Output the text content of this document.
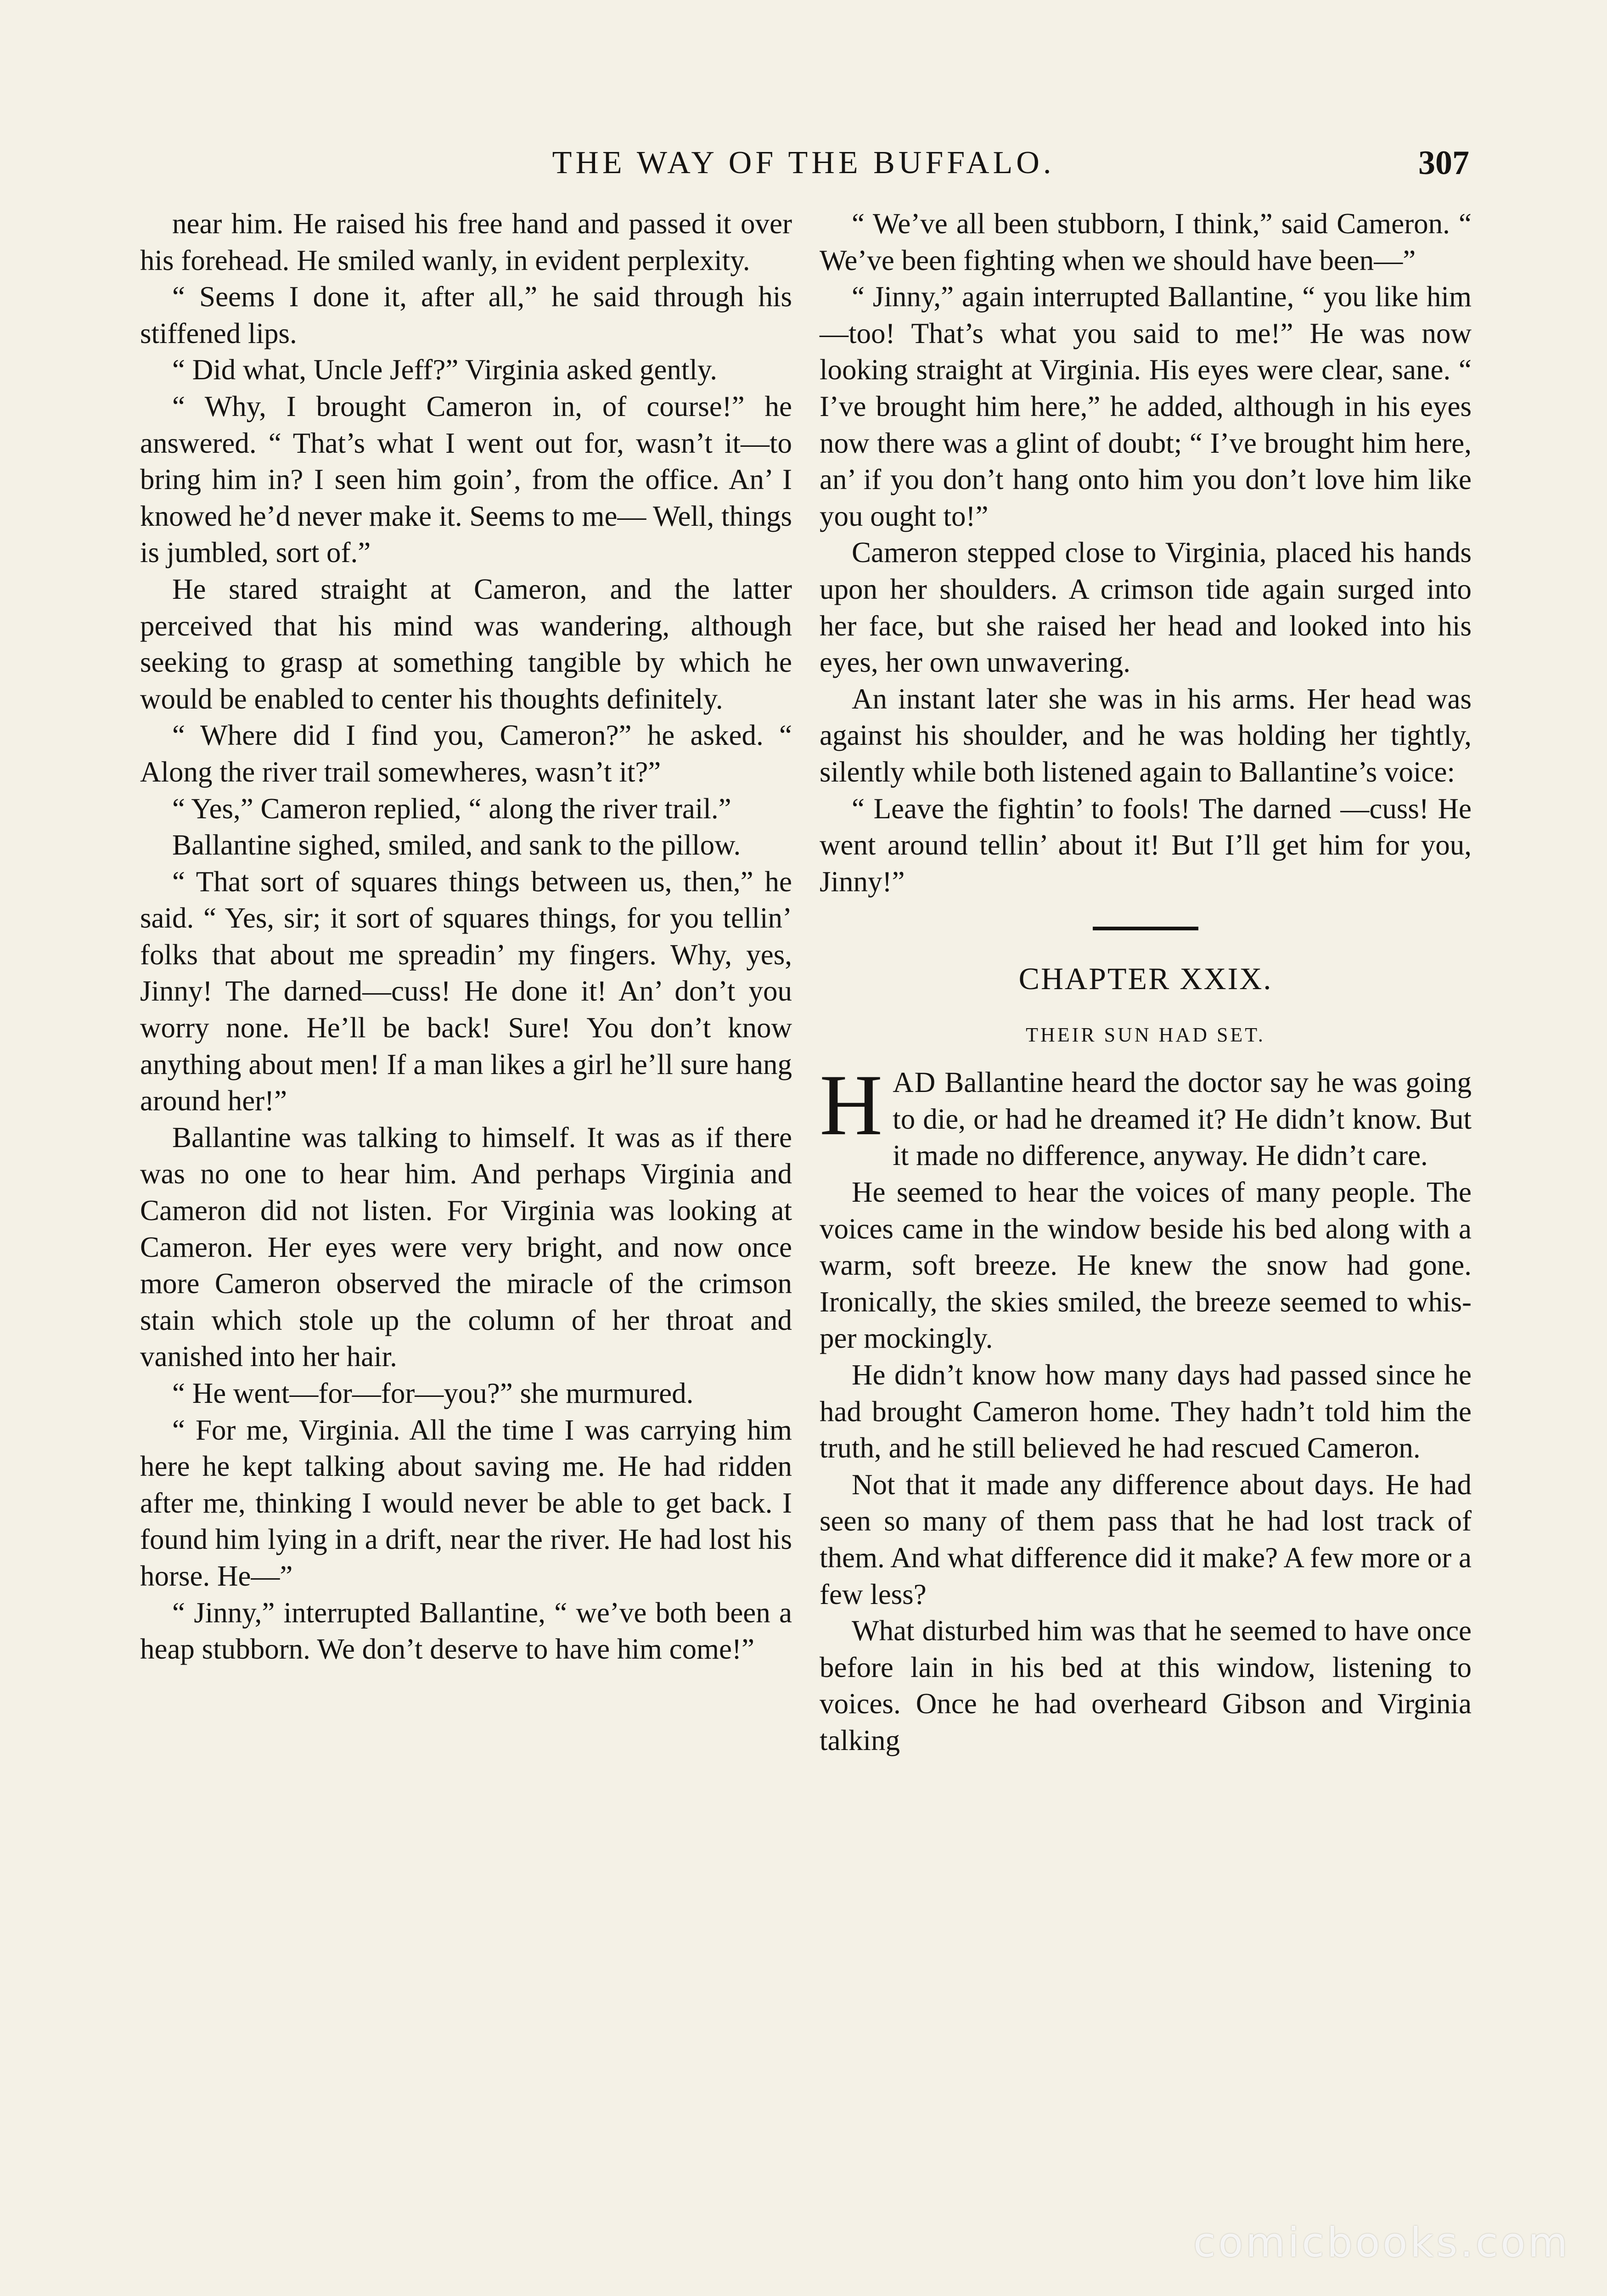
THE WAY OF THE BUFFALO.	307

near him. He raised his free hand and passed it over his forehead. He smiled wanly, in evident perplexity.

“ Seems I done it, after all,” he said through his stiffened lips.

“ Did what, Uncle Jeff?” Virginia asked gently.

“ Why, I brought Cameron in, of course!” he answered. “ That’s what I went out for, wasn’t it—to bring him in? I seen him goin’, from the office. An’ I knowed he’d never make it. Seems to me— Well, things is jumbled, sort of.”

He stared straight at Cameron, and the latter perceived that his mind was wandering, although seeking to grasp at something tangible by which he would be enabled to center his thoughts definitely.

“ Where did I find you, Cameron?” he asked. “ Along the river trail somewheres, wasn’t it?”

“ Yes,” Cameron replied, “ along the river trail.”

Ballantine sighed, smiled, and sank to the pillow.

“ That sort of squares things between us, then,” he said. “ Yes, sir; it sort of squares things, for you tellin’ folks that about me spreadin’ my fingers. Why, yes, Jinny! The darned—cuss! He done it! An’ don’t you worry none. He’ll be back! Sure! You don’t know anything about men! If a man likes a girl he’ll sure hang around her!”

Ballantine was talking to himself. It was as if there was no one to hear him. And perhaps Virginia and Cameron did not listen. For Virginia was looking at Cameron. Her eyes were very bright, and now once more Cameron observed the miracle of the crimson stain which stole up the column of her throat and vanished into her hair.

“ He went—for—for—you?” she murmured.

“ For me, Virginia. All the time I was carrying him here he kept talking about saving me. He had ridden after me, thinking I would never be able to get back. I found him lying in a drift, near the river. He had lost his horse. He—”

“ Jinny,” interrupted Ballantine, “ we’ve both been a heap stubborn. We don’t deserve to have him come!”

“ We’ve all been stubborn, I think,” said Cameron. “ We’ve been fighting when we should have been—”

“ Jinny,” again interrupted Ballantine, “ you like him—too! That’s what you said to me!” He was now looking straight at Virginia. His eyes were clear, sane. “ I’ve brought him here,” he added, although in his eyes now there was a glint of doubt; “ I’ve brought him here, an’ if you don’t hang onto him you don’t love him like you ought to!”

Cameron stepped close to Virginia, placed his hands upon her shoulders. A crimson tide again surged into her face, but she raised her head and looked into his eyes, her own unwavering.

An instant later she was in his arms. Her head was against his shoulder, and he was holding her tightly, silently while both listened again to Ballantine’s voice:

“ Leave the fightin’ to fools! The darned —cuss! He went around tellin’ about it! But I’ll get him for you, Jinny!”

CHAPTER XXIX.
THEIR SUN HAD SET.

HAD Ballantine heard the doctor say he was going to die, or had he dreamed it? He didn’t know. But it made no difference, anyway. He didn’t care.

He seemed to hear the voices of many people. The voices came in the window beside his bed along with a warm, soft breeze. He knew the snow had gone. Ironically, the skies smiled, the breeze seemed to whisper mockingly.

He didn’t know how many days had passed since he had brought Cameron home. They hadn’t told him the truth, and he still believed he had rescued Cameron.

Not that it made any difference about days. He had seen so many of them pass that he had lost track of them. And what difference did it make? A few more or a few less?

What disturbed him was that he seemed to have once before lain in his bed at this window, listening to voices. Once he had overheard Gibson and Virginia talking

comicbooks.com
